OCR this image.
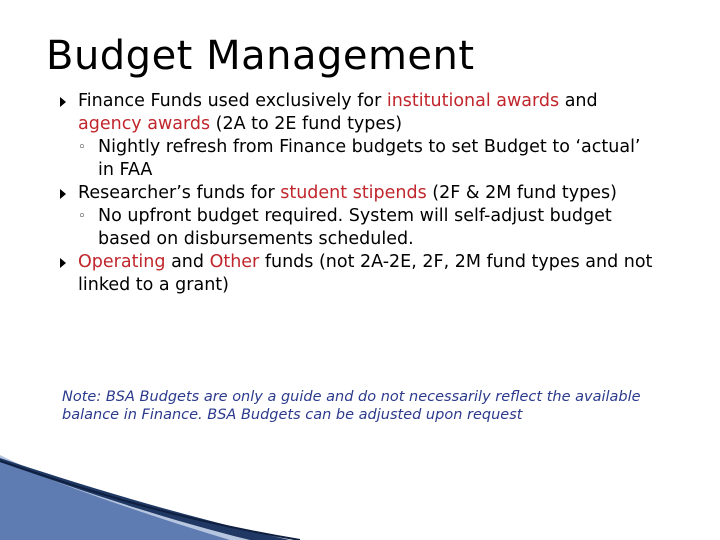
Budget Management
Finance Funds used exclusively for institutional awards and agency awards (2A to 2E fund types)
◦ Nightly refresh from Finance budgets to set Budget to ‘actual’ in FAA
Researcher’s funds for student stipends (2F & 2M fund types)
◦ No upfront budget required. System will self-adjust budget based on disbursements scheduled.
Operating and Other funds (not 2A-2E, 2F, 2M fund types and not linked to a grant)
Note: BSA Budgets are only a guide and do not necessarily reflect the available balance in Finance. BSA Budgets can be adjusted upon request
